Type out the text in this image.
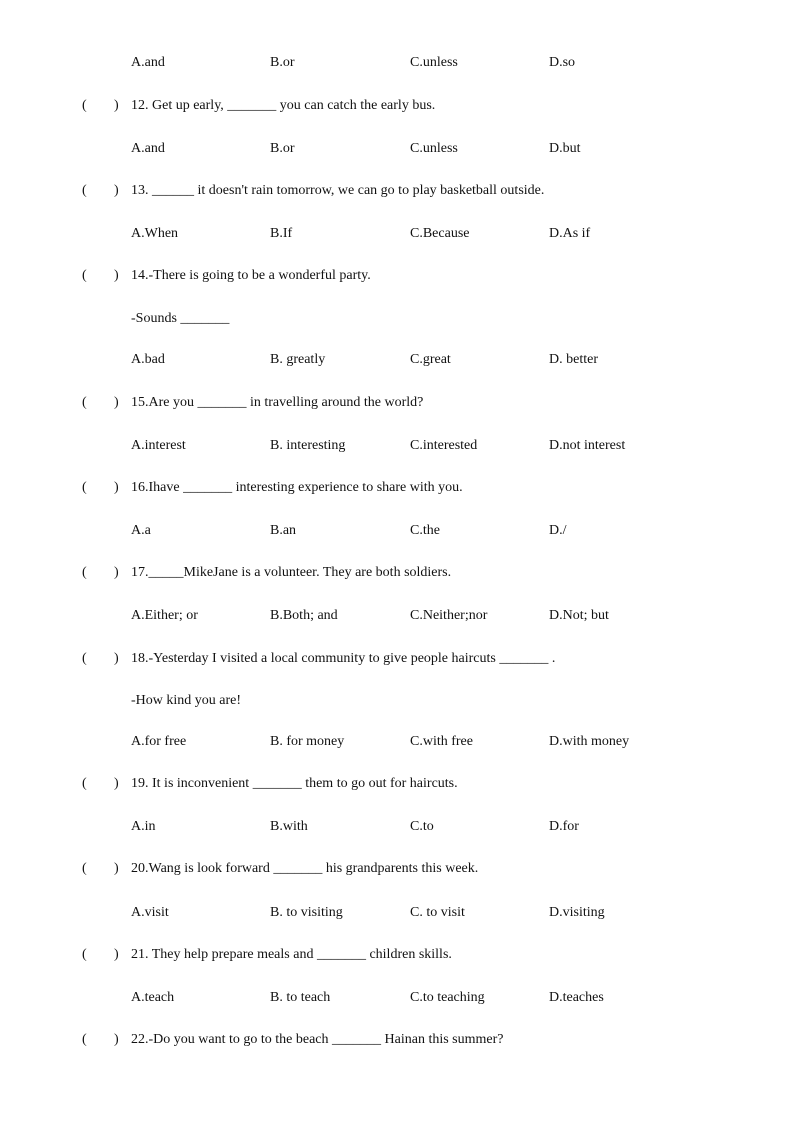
A.and	B.or	C.unless	D.so
( ) 12. Get up early, _______ you can catch the early bus.
A.and	B.or	C.unless	D.but
( ) 13. ______ it doesn't rain tomorrow, we can go to play basketball outside.
A.When	B.If	C.Because	D.As if
( ) 14.-There is going to be a wonderful party.
-Sounds _______
A.bad	B. greatly	C.great	D. better
( ) 15.Are you _______ in travelling around the world?
A.interest	B. interesting	C.interested	D.not interest
( ) 16.Ihave _______ interesting experience to share with you.
A.a	B.an	C.the	D./
( ) 17._____MikeJane is a volunteer. They are both soldiers.
A.Either; or	B.Both; and	C.Neither;nor	D.Not; but
( ) 18.-Yesterday I visited a local community to give people haircuts _______ .
-How kind you are!
A.for free	B. for money	C.with free	D.with money
( ) 19. It is inconvenient _______ them to go out for haircuts.
A.in	B.with	C.to	D.for
( ) 20.Wang is look forward _______ his grandparents this week.
A.visit	B. to visiting	C. to visit	D.visiting
( ) 21. They help prepare meals and _______ children skills.
A.teach	B. to teach	C.to teaching	D.teaches
( ) 22.-Do you want to go to the beach _______ Hainan this summer?
